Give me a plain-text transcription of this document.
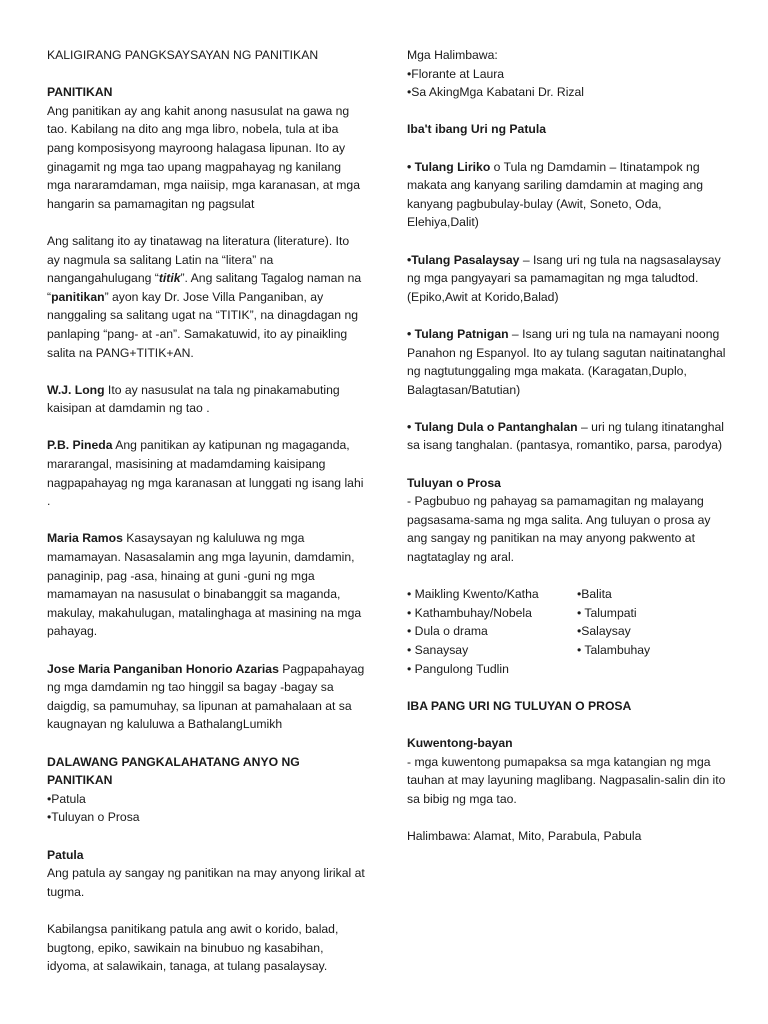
KALIGIRANG PANGKSAYSAYAN NG PANITIKAN

PANITIKAN

Ang panitikan ay ang kahit anong nasusulat na gawa ng tao. Kabilang na dito ang mga libro, nobela, tula at iba pang komposisyong mayroong halagasa lipunan. Ito ay ginagamit ng mga tao upang magpahayag ng kanilang mga nararamdaman, mga naiisip, mga karanasan, at mga hangarin sa pamamagitan ng pagsulat

Ang salitang ito ay tinatawag na literatura (literature). Ito ay nagmula sa salitang Latin na “litera” na nangangahulugang “titik”. Ang salitang Tagalog naman na “panitikan” ayon kay Dr. Jose Villa Panganiban, ay nanggaling sa salitang ugat na “TITIK”, na dinagdagan ng panlaping “pang- at -an”. Samakatuwid, ito ay pinaikling salita na PANG+TITIK+AN.

W.J. Long Ito ay nasusulat na tala ng pinakamabuting kaisipan at damdamin ng tao .

P.B. Pineda Ang panitikan ay katipunan ng magaganda, mararangal, masisining at madamdaming kaisipang nagpapahayag ng mga karanasan at lunggati ng isang lahi .

Maria Ramos Kasaysayan ng kaluluwa ng mga mamamayan. Nasasalamin ang mga layunin, damdamin, panaginip, pag -asa, hinaing at guni -guni ng mga mamamayan na nasusulat o binabanggit sa maganda, makulay, makahulugan, matalinghaga at masining na mga pahayag.

Jose Maria Panganiban Honorio Azarias Pagpapahayag ng mga damdamin ng tao hinggil sa bagay -bagay sa daigdig, sa pamumuhay, sa lipunan at pamahalaan at sa kaugnayan ng kaluluwa a BathalangLumikh

DALAWANG PANGKALAHATANG ANYO NG PANITIKAN

•Patula

•Tuluyan o Prosa

Patula

Ang patula ay sangay ng panitikan na may anyong lirikal at tugma.

Kabilangsa panitikang patula ang awit o korido, balad, bugtong, epiko, sawikain na binubuo ng kasabihan, idyoma, at salawikain, tanaga, at tulang pasalaysay.

Mga Halimbawa:

•Florante at Laura

•Sa AkingMga Kabatani Dr. Rizal

Iba't ibang Uri ng Patula

• Tulang Liriko o Tula ng Damdamin – Itinatampok ng makata ang kanyang sariling damdamin at maging ang kanyang pagbubulay-bulay (Awit, Soneto, Oda, Elehiya,Dalit)

•Tulang Pasalaysay – Isang uri ng tula na nagsasalaysay ng mga pangyayari sa pamamagitan ng mga taludtod. (Epiko,Awit at Korido,Balad)

• Tulang Patnigan – Isang uri ng tula na namayani noong Panahon ng Espanyol. Ito ay tulang sagutan naitinatanghal ng nagtutunggaling mga makata. (Karagatan,Duplo, Balagtasan/Batutian)

• Tulang Dula o Pantanghalan – uri ng tulang itinatanghal sa isang tanghalan. (pantasya, romantiko, parsa, parodya)

Tuluyan o Prosa

- Pagbubuo ng pahayag sa pamamagitan ng malayang pagsasama-sama ng mga salita. Ang tuluyan o prosa ay ang sangay ng panitikan na may anyong pakwento at nagtataglay ng aral.

• Maikling Kwento/Katha

• Kathambuhay/Nobela

• Dula o drama

• Sanaysay

• Pangulong Tudlin

•Balita

• Talumpati

•Salaysay

• Talambuhay

IBA PANG URI NG TULUYAN O PROSA

Kuwentong-bayan

- mga kuwentong pumapaksa sa mga katangian ng mga tauhan at may layuning maglibang. Nagpasalin-salin din ito sa bibig ng mga tao.

Halimbawa: Alamat, Mito, Parabula, Pabula
